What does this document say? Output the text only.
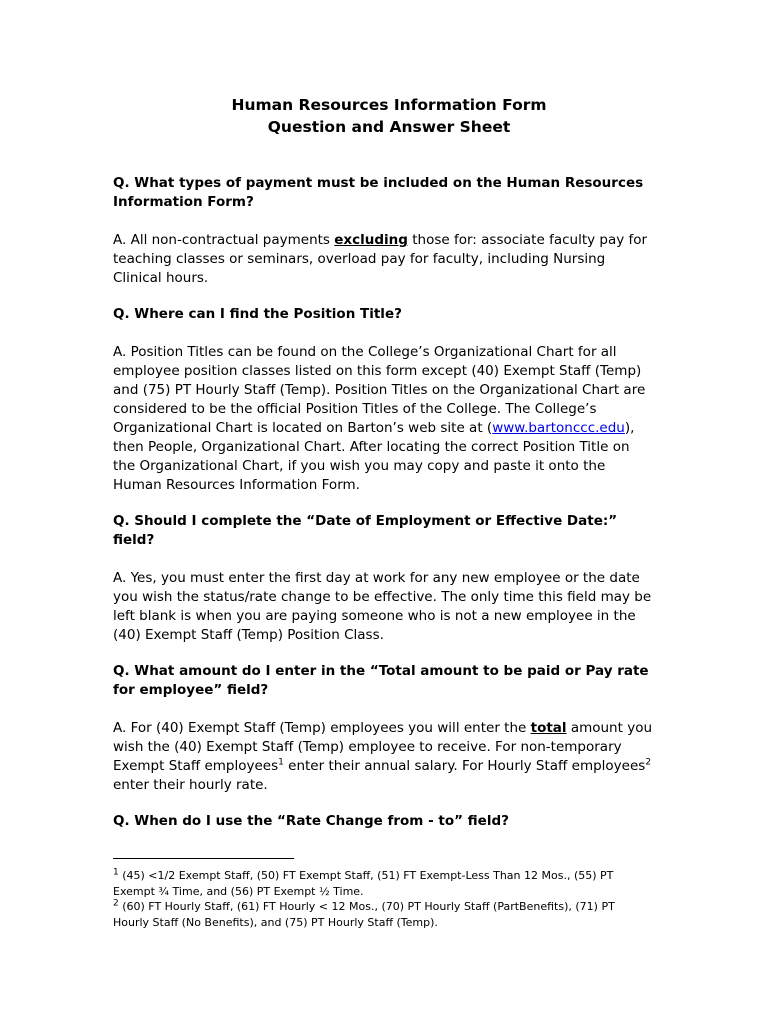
Human Resources Information Form
Question and Answer Sheet

Q. What types of payment must be included on the Human Resources Information Form?

A. All non-contractual payments excluding those for: associate faculty pay for teaching classes or seminars, overload pay for faculty, including Nursing Clinical hours.

Q. Where can I find the Position Title?

A. Position Titles can be found on the College’s Organizational Chart for all employee position classes listed on this form except (40) Exempt Staff (Temp) and (75) PT Hourly Staff (Temp). Position Titles on the Organizational Chart are considered to be the official Position Titles of the College. The College’s Organizational Chart is located on Barton’s web site at (www.bartonccc.edu), then People, Organizational Chart. After locating the correct Position Title on the Organizational Chart, if you wish you may copy and paste it onto the Human Resources Information Form.

Q. Should I complete the “Date of Employment or Effective Date:” field?

A. Yes, you must enter the first day at work for any new employee or the date you wish the status/rate change to be effective. The only time this field may be left blank is when you are paying someone who is not a new employee in the (40) Exempt Staff (Temp) Position Class.

Q. What amount do I enter in the “Total amount to be paid or Pay rate for employee” field?

A. For (40) Exempt Staff (Temp) employees you will enter the total amount you wish the (40) Exempt Staff (Temp) employee to receive. For non-temporary Exempt Staff employees$^1$ enter their annual salary. For Hourly Staff employees$^2$ enter their hourly rate.

Q. When do I use the “Rate Change from - to” field?

$^1$ (45) <1/2 Exempt Staff, (50) FT Exempt Staff, (51) FT Exempt-Less Than 12 Mos., (55) PT Exempt ¾ Time, and (56) PT Exempt ½ Time.

$^2$ (60) FT Hourly Staff, (61) FT Hourly < 12 Mos., (70) PT Hourly Staff (PartBenefits), (71) PT Hourly Staff (No Benefits), and (75) PT Hourly Staff (Temp).
